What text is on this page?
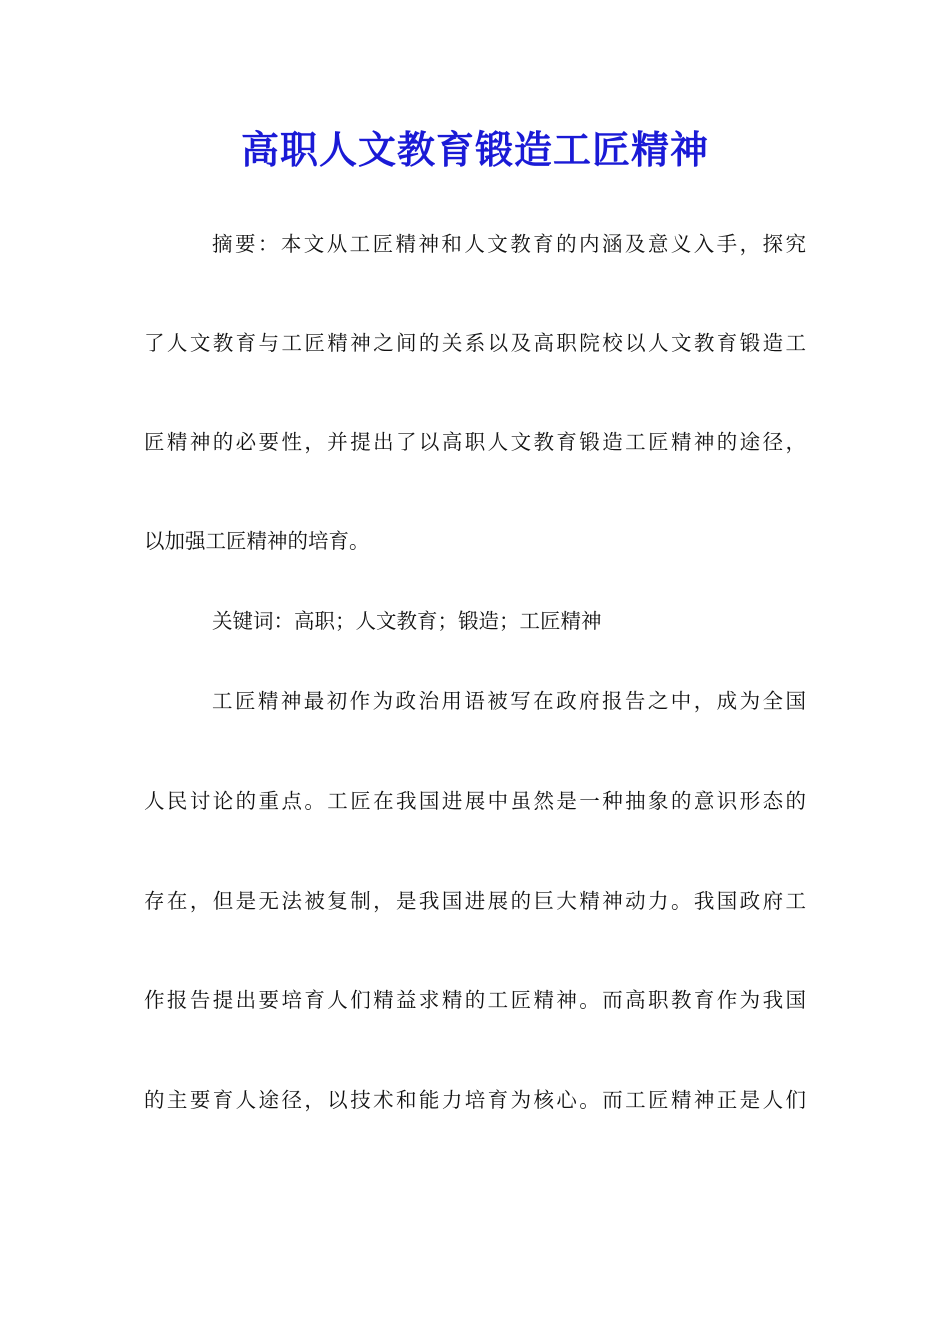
高职人文教育锻造工匠精神
摘要：本文从工匠精神和人文教育的内涵及意义入手，探究
了人文教育与工匠精神之间的关系以及高职院校以人文教育锻造工
匠精神的必要性，并提出了以高职人文教育锻造工匠精神的途径，
以加强工匠精神的培育。
关键词：高职；人文教育；锻造；工匠精神
工匠精神最初作为政治用语被写在政府报告之中，成为全国
人民讨论的重点。工匠在我国进展中虽然是一种抽象的意识形态的
存在，但是无法被复制，是我国进展的巨大精神动力。我国政府工
作报告提出要培育人们精益求精的工匠精神。而高职教育作为我国
的主要育人途径，以技术和能力培育为核心。而工匠精神正是人们
